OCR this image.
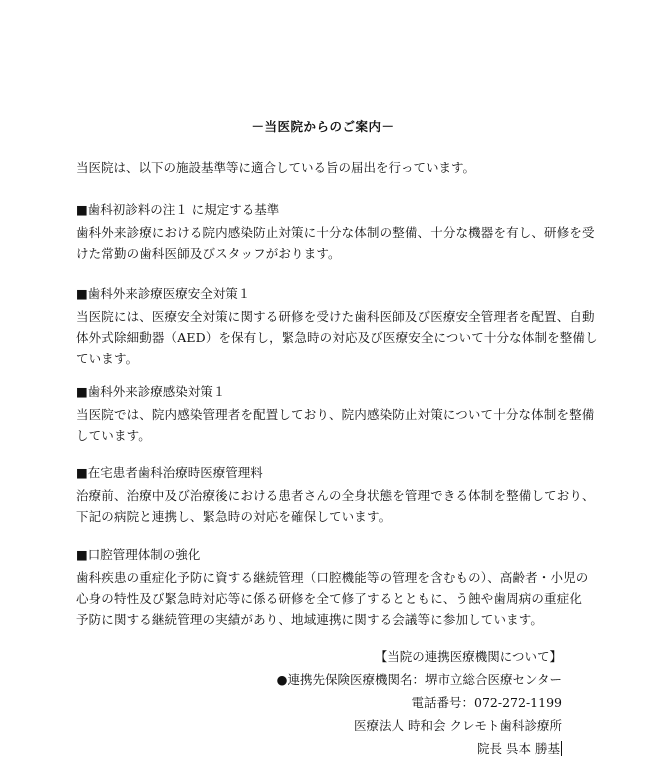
－当医院からのご案内－
当医院は、以下の施設基準等に適合している旨の届出を行っています。
■歯科初診料の注１ に規定する基準
歯科外来診療における院内感染防止対策に十分な体制の整備、十分な機器を有し、研修を受
けた常勤の歯科医師及びスタッフがおります。
■歯科外来診療医療安全対策１
当医院には、医療安全対策に関する研修を受けた歯科医師及び医療安全管理者を配置、自動
体外式除細動器（AED）を保有し，緊急時の対応及び医療安全について十分な体制を整備し
ています。
■歯科外来診療感染対策１
当医院では、院内感染管理者を配置しており、院内感染防止対策について十分な体制を整備
しています。
■在宅患者歯科治療時医療管理料
治療前、治療中及び治療後における患者さんの全身状態を管理できる体制を整備しており、
下記の病院と連携し、緊急時の対応を確保しています。
■口腔管理体制の強化
歯科疾患の重症化予防に資する継続管理（口腔機能等の管理を含むもの）、高齢者・小児の
心身の特性及び緊急時対応等に係る研修を全て修了するとともに、う蝕や歯周病の重症化
予防に関する継続管理の実績があり、地域連携に関する会議等に参加しています。
【当院の連携医療機関について】
●連携先保険医療機関名：堺市立総合医療センター
電話番号：072-272-1199
医療法人 時和会 クレモト歯科診療所
院長 呉本 勝基
